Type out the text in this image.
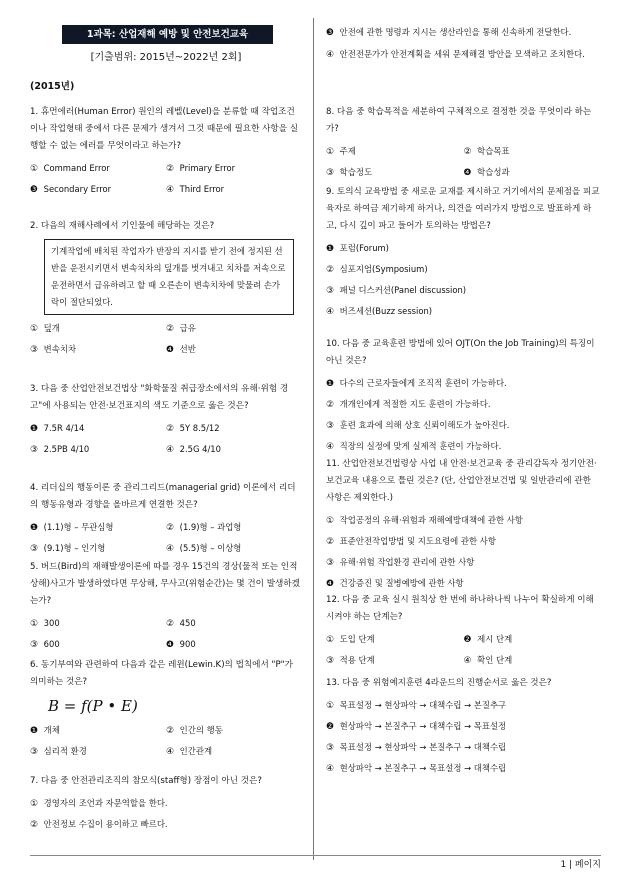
1과목: 산업재해 예방 및 안전보건교육
[기출범위: 2015년~2022년 2회]
(2015년)
1. 휴먼에러(Human Error) 원인의 레벨(Level)을 분류할 때 작업조건이나 작업형태 중에서 다른 문제가 생겨서 그것 때문에 필요한 사항을 실행할 수 없는 에러를 무엇이라고 하는가?
① Command Error	② Primary Error
❸ Secondary Error	④ Third Error
2. 다음의 재해사례에서 기인물에 해당하는 것은?
기계작업에 배치된 작업자가 반장의 지시를 받기 전에 정지된 선반을 운전시키면서 변속치차의 덮개를 벗겨내고 치차를 저속으로 운전하면서 급유하려고 할 때 오른손이 변속치차에 맞물려 손가락이 절단되었다.
① 덮개	② 급유
③ 변속치차	❹ 선반
3. 다음 중 산업안전보건법상 "화학물질 취급장소에서의 유해·위험 경고"에 사용되는 안전·보건표지의 색도 기준으로 옳은 것은?
❶ 7.5R 4/14	② 5Y 8.5/12
③ 2.5PB 4/10	④ 2.5G 4/10
4. 리더십의 행동이론 중 관리그리드(managerial grid) 이론에서 리더의 행동유형과 경향을 올바르게 연결한 것은?
❶ (1.1)형 – 무관심형	② (1.9)형 – 과업형
③ (9.1)형 – 인기형	④ (5.5)형 – 이상형
5. 버드(Bird)의 재해발생이론에 따를 경우 15건의 경상(물적 또는 인적 상해)사고가 발생하였다면 무상해, 무사고(위험순간)는 몇 건이 발생하겠는가?
① 300	② 450
③ 600	❹ 900
6. 동기부여와 관련하여 다음과 같은 레윈(Lewin.K)의 법칙에서 "P"가 의미하는 것은?
B = f(P • E)
❶ 개체	② 인간의 행동
③ 심리적 환경	④ 인간관계
7. 다음 중 안전관리조직의 참모식(staff형) 장점이 아닌 것은?
① 경영자의 조언과 자문역할을 한다.
② 안전정보 수집이 용이하고 빠르다.
❸ 안전에 관한 명령과 지시는 생산라인을 통해 신속하게 전달한다.
④ 안전전문가가 안전계획을 세워 문제해결 방안을 모색하고 조치한다.
8. 다음 중 학습목적을 세분하여 구체적으로 결정한 것을 무엇이라 하는가?
① 주제	② 학습목표
③ 학습정도	❹ 학습성과
9. 토의식 교육방법 중 새로운 교재를 제시하고 거기에서의 문제점을 피교육자로 하여금 제기하게 하거나, 의견을 여러가지 방법으로 발표하게 하고, 다시 깊이 파고 들어가 토의하는 방법은?
❶ 포럼(Forum)
② 심포지엄(Symposium)
③ 패널 디스커션(Panel discussion)
④ 버즈세션(Buzz session)
10. 다음 중 교육훈련 방법에 있어 OJT(On the Job Training)의 특징이 아닌 것은?
❶ 다수의 근로자들에게 조직적 훈련이 가능하다.
② 개개인에게 적절한 지도 훈련이 가능하다.
③ 훈련 효과에 의해 상호 신뢰이해도가 높아진다.
④ 직장의 실정에 맞게 실제적 훈련이 가능하다.
11. 산업안전보건법령상 사업 내 안전·보건교육 중 관리감독자 정기안전·보건교육 내용으로 틀린 것은? (단, 산업안전보건법 및 일반관리에 관한 사항은 제외한다.)
① 작업공정의 유해·위험과 재해예방대책에 관한 사항
② 표준안전작업방법 및 지도요령에 관한 사항
③ 유해·위험 작업환경 관리에 관한 사항
❹ 건강증진 및 질병예방에 관한 사항
12. 다음 중 교육 실시 원칙상 한 번에 하나하나씩 나누어 확실하게 이해시켜야 하는 단계는?
① 도입 단계	❷ 제시 단계
③ 적용 단계	④ 확인 단계
13. 다음 중 위험예지훈련 4라운드의 진행순서로 옳은 것은?
① 목표설정 → 현상파악 → 대책수립 → 본질추구
❷ 현상파악 → 본질추구 → 대책수립 → 목표설정
③ 목표설정 → 현상파악 → 본질추구 → 대책수립
④ 현상파악 → 본질추구 → 목표설정 → 대책수립
1 | 페이지
